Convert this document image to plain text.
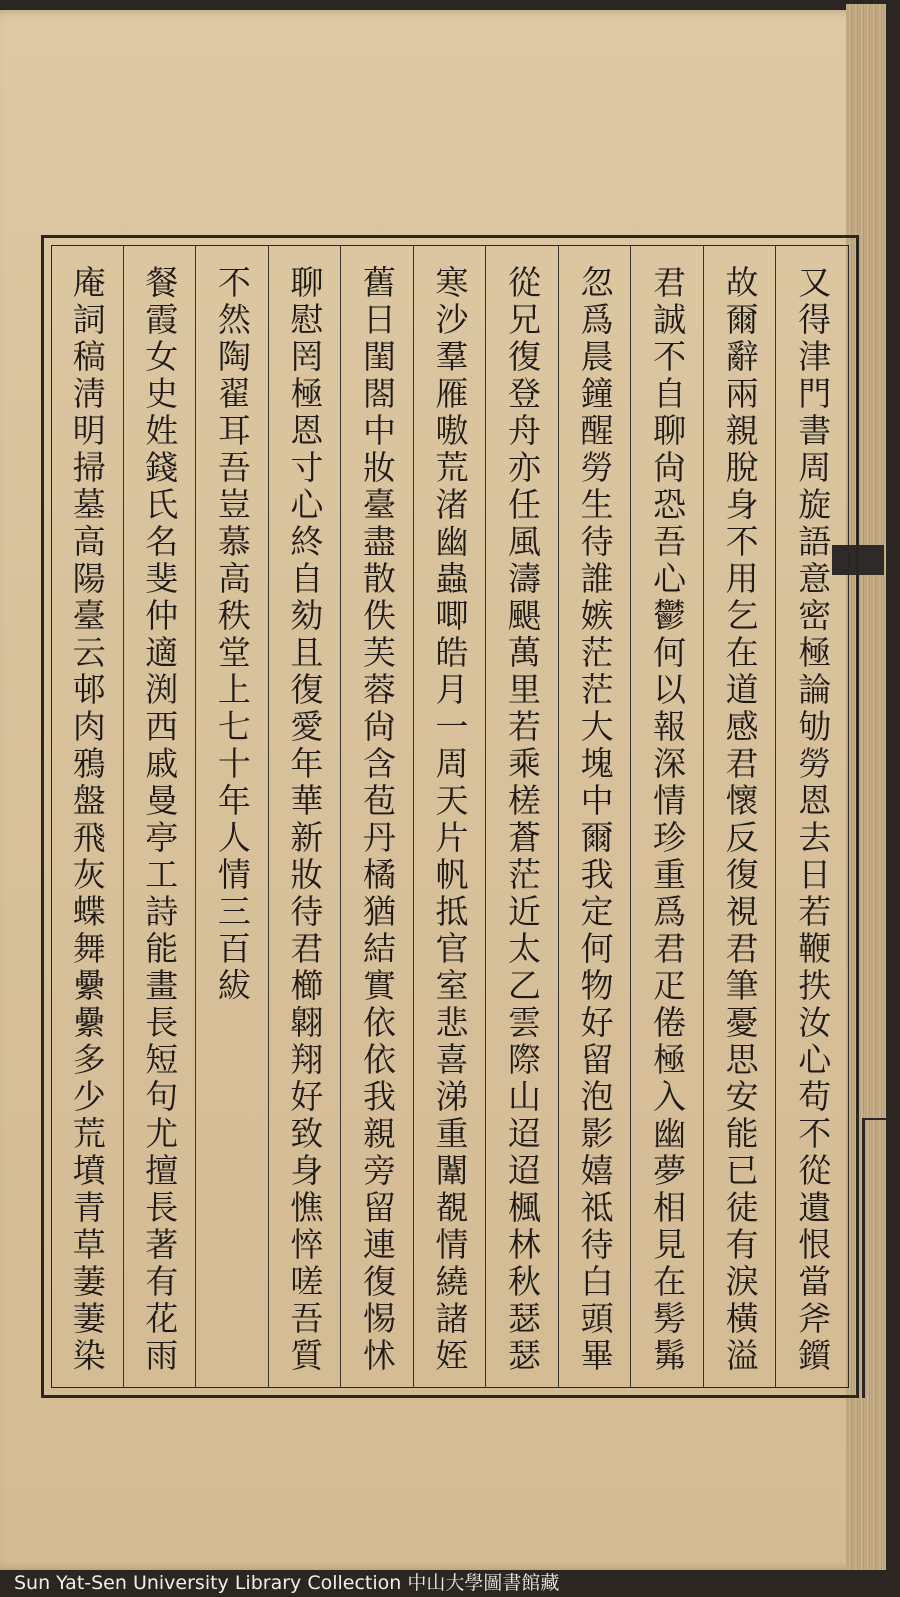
又得津門書周旋語意密極論劬勞恩去日若鞭抶汝心苟不從遺恨當斧鑕
故爾辭兩親脫身不用乞在道感君懷反復視君筆憂思安能已徒有淚橫溢
君誠不自聊尙恐吾心鬱何以報深情珍重爲君疋倦極入幽夢相見在髣髴
忽爲晨鐘醒勞生待誰嫉茫茫大塊中爾我定何物好留泡影嬉祗待白頭畢
從兄復登舟亦任風濤颶萬里若乘槎蒼茫近太乙雲際山迢迢楓林秋瑟瑟
寒沙羣雁嗷荒渚幽蟲唧皓月一周天片帆抵官室悲喜涕重闈覩情繞諸姪
舊日閨閤中妝臺盡散佚芙蓉尙含苞丹橘猶結實依依我親旁留連復惕怵
聊慰罔極恩寸心終自劾且復愛年華新妝待君櫛翺翔好致身憔悴嗟吾質
不然陶翟耳吾豈慕高秩堂上七十年人情三百紱
餐霞女史姓錢氏名斐仲適渕西戚曼亭工詩能畫長短句尤擅長著有花雨
庵詞稿淸明掃墓高陽臺云邨肉鴉盤飛灰蝶舞纍纍多少荒墳青草萋萋染
Sun Yat-Sen University Library Collection 中山大學圖書館藏
